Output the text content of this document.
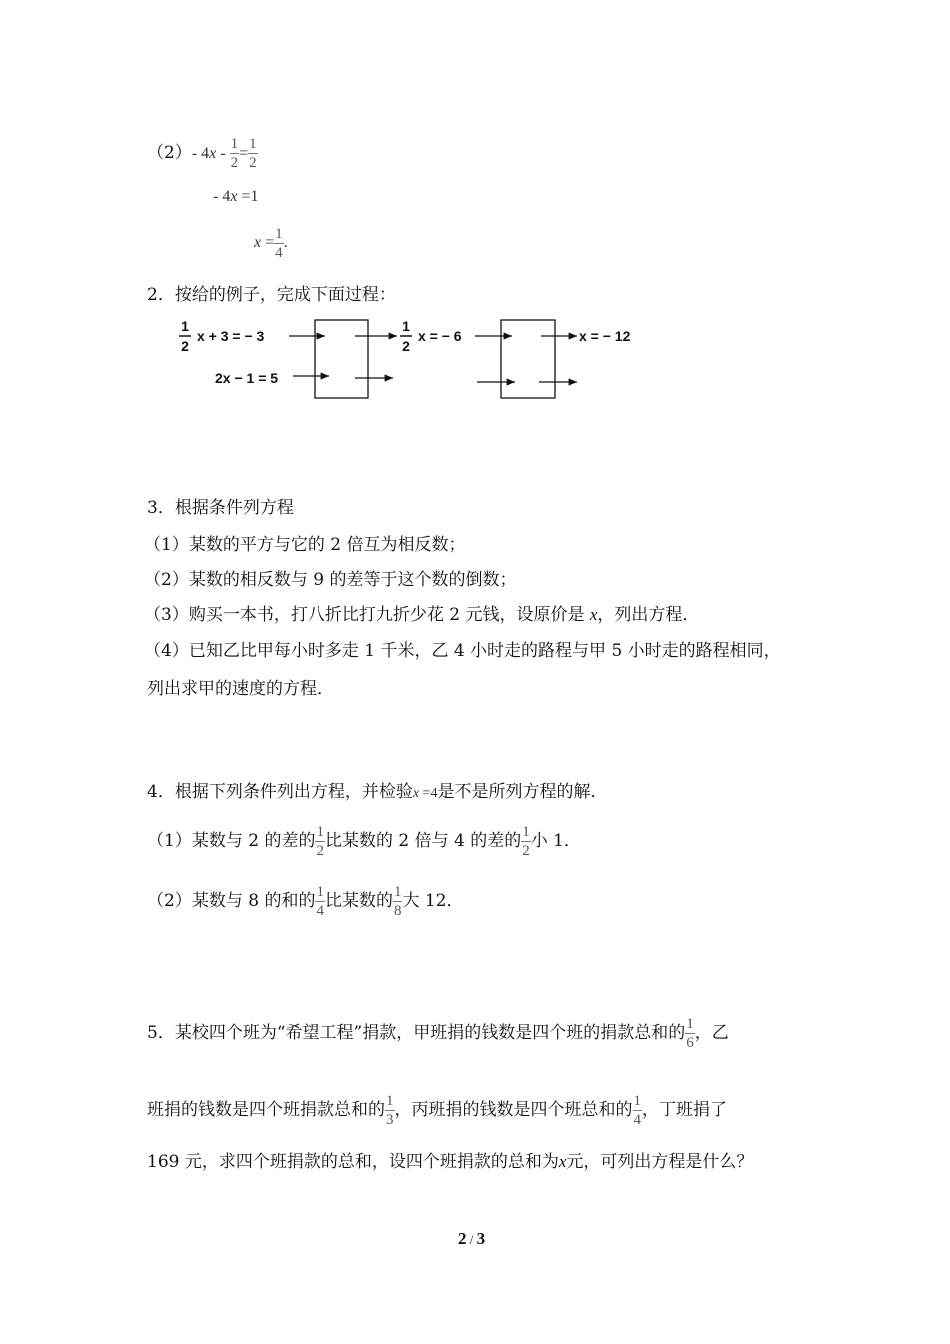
（2）- $4x - \frac{1}{2} = \frac{1}{2}$
- 4x =1
$x = \frac{1}{4}$ .
2．按给的例子，完成下面过程：
1
2
x + 3 = − 3
1
2
x = − 6	x = − 12
2x − 1 = 5
3．根据条件列方程
（1）某数的平方与它的 2 倍互为相反数；
（2）某数的相反数与 9 的差等于这个数的倒数；
（3）购买一本书，打八折比打九折少花 2 元钱，设原价是 x，列出方程．
（4）已知乙比甲每小时多走 1 千米，乙 4 小时走的路程与甲 5 小时走的路程相同，
列出求甲的速度的方程．
4．根据下列条件列出方程，并检验x =4是不是所列方程的解．
（1）某数与 2 的差的 $\frac{1}{2}$ 比某数的 2 倍与 4 的差的 $\frac{1}{2}$ 小 1．
（2）某数与 8 的和的 $\frac{1}{4}$ 比某数的 $\frac{1}{8}$ 大 12．
5．某校四个班为“希望工程”捐款，甲班捐的钱数是四个班的捐款总和的 $\frac{1}{6}$ ，乙
班捐的钱数是四个班捐款总和的 $\frac{1}{3}$ ，丙班捐的钱数是四个班总和的 $\frac{1}{4}$ ，丁班捐了
169 元，求四个班捐款的总和，设四个班捐款的总和为x元，可列出方程是什么？
2 / 3
